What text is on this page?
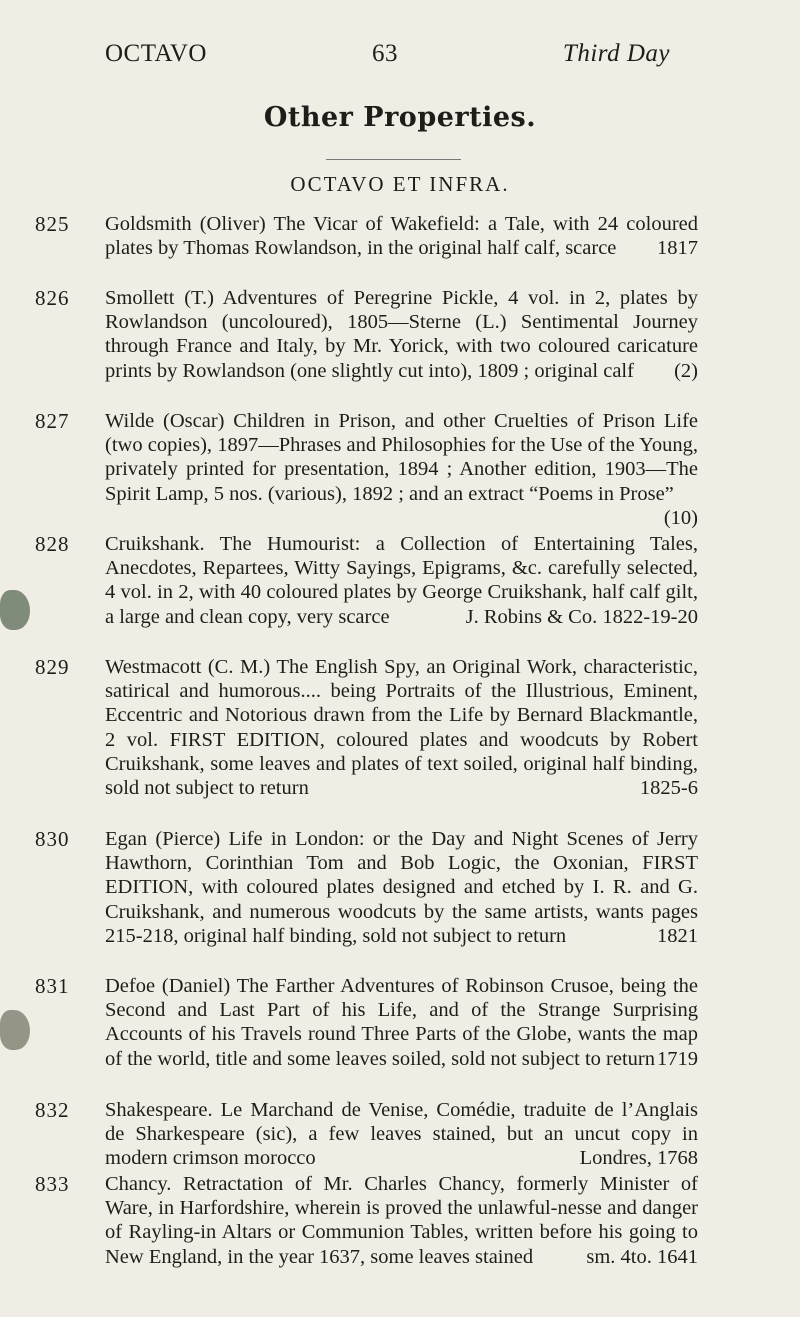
OCTAVO	63	Third Day
Other Properties.
OCTAVO ET INFRA.
825 Goldsmith (Oliver) The Vicar of Wakefield: a Tale, with 24 coloured plates by Thomas Rowlandson, in the original half calf, scarce 1817
826 Smollett (T.) Adventures of Peregrine Pickle, 4 vol. in 2, plates by Rowlandson (uncoloured), 1805—Sterne (L.) Sentimental Journey through France and Italy, by Mr. Yorick, with two coloured caricature prints by Rowlandson (one slightly cut into), 1809 ; original calf (2)
827 Wilde (Oscar) Children in Prison, and other Cruelties of Prison Life (two copies), 1897—Phrases and Philosophies for the Use of the Young, privately printed for presentation, 1894 ; Another edition, 1903—The Spirit Lamp, 5 nos. (various), 1892 ; and an extract “Poems in Prose”
(10)
828 Cruikshank. The Humourist: a Collection of Entertaining Tales, Anecdotes, Repartees, Witty Sayings, Epigrams, &c. carefully selected, 4 vol. in 2, with 40 coloured plates by George Cruikshank, half calf gilt, a large and clean copy, very scarce	J. Robins & Co. 1822-19-20
829 Westmacott (C. M.) The English Spy, an Original Work, characteristic, satirical and humorous.... being Portraits of the Illustrious, Eminent, Eccentric and Notorious drawn from the Life by Bernard Blackmantle, 2 vol. FIRST EDITION, coloured plates and woodcuts by Robert Cruikshank, some leaves and plates of text soiled, original half binding, sold not subject to return	1825-6
830 Egan (Pierce) Life in London: or the Day and Night Scenes of Jerry Hawthorn, Corinthian Tom and Bob Logic, the Oxonian, FIRST EDITION, with coloured plates designed and etched by I. R. and G. Cruikshank, and numerous woodcuts by the same artists, wants pages 215-218, original half binding, sold not subject to return	1821
831 Defoe (Daniel) The Farther Adventures of Robinson Crusoe, being the Second and Last Part of his Life, and of the Strange Surprising Accounts of his Travels round Three Parts of the Globe, wants the map of the world, title and some leaves soiled, sold not subject to return 1719
832 Shakespeare. Le Marchand de Venise, Comédie, traduite de l’Anglais de Sharkespeare (sic), a few leaves stained, but an uncut copy in modern crimson morocco	Londres, 1768
833 Chancy. Retractation of Mr. Charles Chancy, formerly Minister of Ware, in Harfordshire, wherein is proved the unlawful-nesse and danger of Rayling-in Altars or Communion Tables, written before his going to New England, in the year 1637, some leaves stained	sm. 4to. 1641
